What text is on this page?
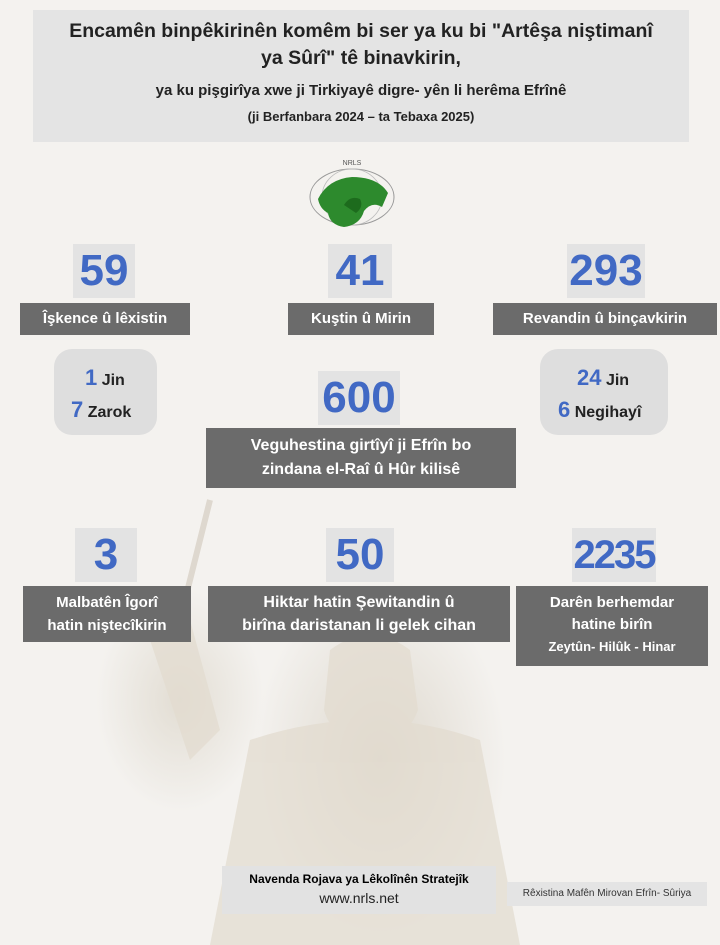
Encamên binpêkirinên komêm bi ser ya ku bi "Artêşa niştimanî
ya Sûrî" tê binavkirin,
ya ku pişgirîya xwe ji Tirkiyayê digre- yên li herêma Efrînê
(ji Berfanbara 2024 – ta Tebaxa 2025)
NRLS
59
Îşkence û lêxistin
41
Kuştin û Mirin
293
Revandin û binçavkirin
1 Jin
7 Zarok
24 Jin
6 Negihayî
600
Veguhestina girtîyî ji Efrîn bo
zindana el-Raî û Hûr kilisê
3
Malbatên Îgorî
hatin niştecîkirin
50
Hiktar hatin Şewitandin û
birîna daristanan li gelek cihan
2235
Darên berhemdar
hatine birîn
Zeytûn- Hilûk - Hinar
Navenda Rojava ya Lêkolînên Stratejîk
www.nrls.net	Rêxistina Mafên Mirovan Efrîn- Sûriya
